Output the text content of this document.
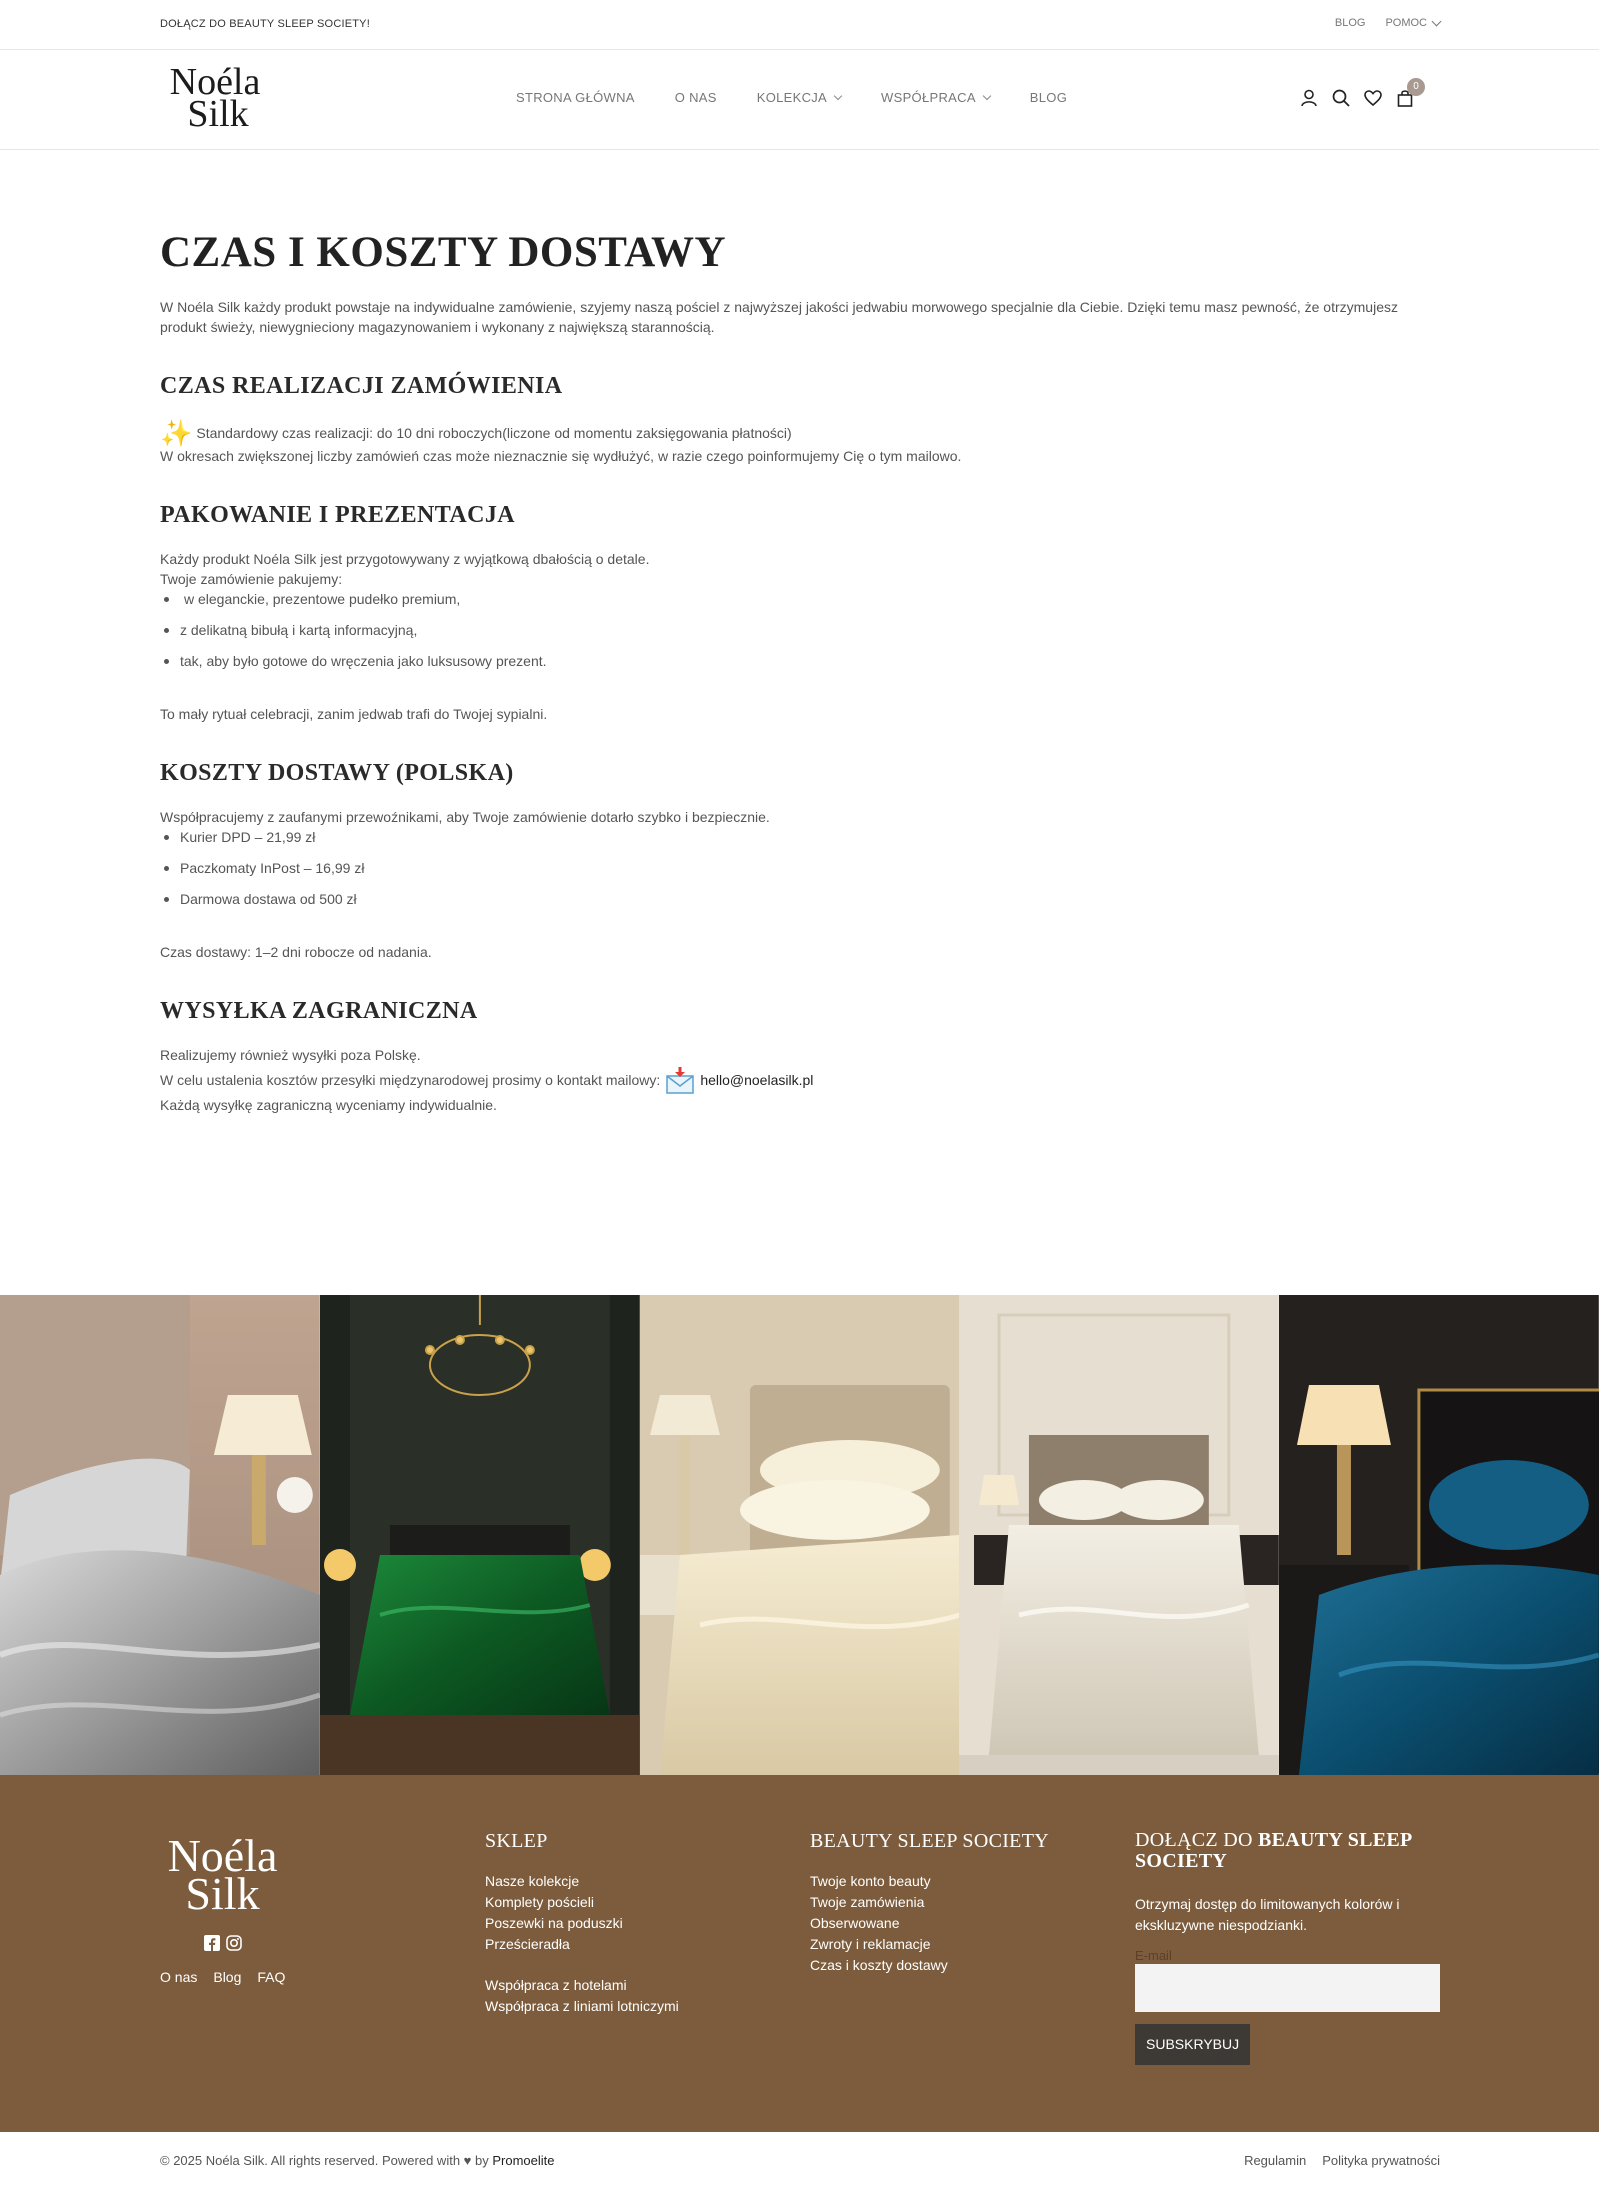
DOŁĄCZ DO BEAUTY SLEEP SOCIETY!	BLOG POMOC
Noéla
Silk	STRONA GŁÓWNA	O NAS	KOLEKCJA	WSPÓŁPRACA	BLOG
0
CZAS I KOSZTY DOSTAWY

W Noéla Silk każdy produkt powstaje na indywidualne zamówienie, szyjemy naszą pościel z najwyższej jakości jedwabiu morwowego specjalnie dla Ciebie. Dzięki temu masz pewność, że otrzymujesz produkt świeży, niewygnieciony magazynowaniem i wykonany z największą starannością.

CZAS REALIZACJI ZAMÓWIENIA
✨ Standardowy czas realizacji: do 10 dni roboczych(liczone od momentu zaksięgowania płatności)

W okresach zwiększonej liczby zamówień czas może nieznacznie się wydłużyć, w razie czego poinformujemy Cię o tym mailowo.

PAKOWANIE I PREZENTACJA

Każdy produkt Noéla Silk jest przygotowywany z wyjątkową dbałością o detale.

Twoje zamówienie pakujemy:

w eleganckie, prezentowe pudełko premium,
z delikatną bibułą i kartą informacyjną,
tak, aby było gotowe do wręczenia jako luksusowy prezent.

To mały rytuał celebracji, zanim jedwab trafi do Twojej sypialni.

KOSZTY DOSTAWY (POLSKA)

Współpracujemy z zaufanymi przewoźnikami, aby Twoje zamówienie dotarło szybko i bezpiecznie.

Kurier DPD – 21,99 zł
Paczkomaty InPost – 16,99 zł
Darmowa dostawa od 500 zł

Czas dostawy: 1–2 dni robocze od nadania.

WYSYŁKA ZAGRANICZNA

Realizujemy również wysyłki poza Polskę.

W celu ustalenia kosztów przesyłki międzynarodowej prosimy o kontakt mailowy:	hello@noelasilk.pl

Każdą wysyłkę zagraniczną wyceniamy indywidualnie.

Noéla
Silk
O nas Blog FAQ
SKLEP
Nasze kolekcje
Komplety pościeli
Poszewki na poduszki
Prześcieradła
Współpraca z hotelami
Współpraca z liniami lotniczymi
BEAUTY SLEEP SOCIETY
Twoje konto beauty
Twoje zamówienia
Obserwowane
Zwroty i reklamacje
Czas i koszty dostawy
DOŁĄCZ DO BEAUTY SLEEP SOCIETY

Otrzymaj dostęp do limitowanych kolorów i ekskluzywne niespodzianki.

E-mail
SUBSKRYBUJ
© 2025 Noéla Silk. All rights reserved. Powered with ♥ by Promoelite	Regulamin Polityka prywatności
